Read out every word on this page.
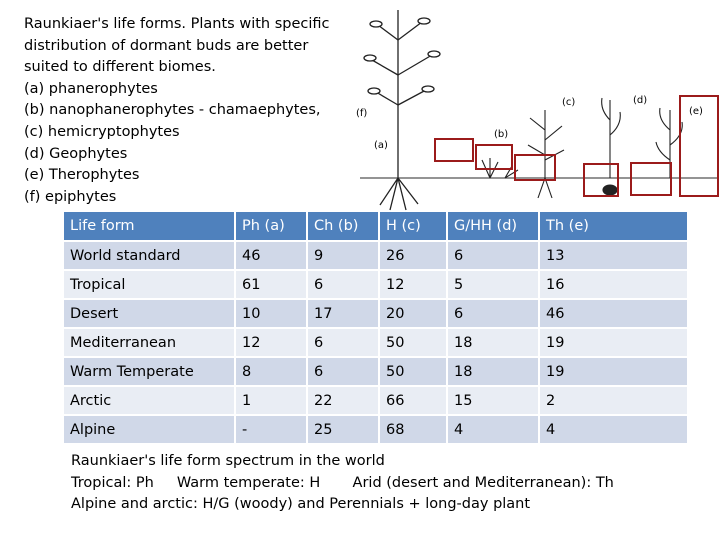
Raunkiaer's life forms. Plants with specific
distribution of dormant buds are better
suited to different biomes.
(a) phanerophytes
(b) nanophanerophytes - chamaephytes,
(c) hemicryptophytes
(d) Geophytes
(e) Therophytes
(f) epiphytes
(f)
(a)
(b)
(c)	(d)
(e)
Life form	Ph (a)	Ch (b)	H (c)	G/HH (d)	Th (e)
World standard	46	9	26	6	13
Tropical	61	6	12	5	16
Desert	10	17	20	6	46
Mediterranean	12	6	50	18	19
Warm Temperate	8	6	50	18	19
Arctic	1	22	66	15	2
Alpine	-	25	68	4	4
Raunkiaer's life form spectrum in the world
Tropical: Ph     Warm temperate: H       Arid (desert and Mediterranean): Th
Alpine and arctic: H/G (woody) and Perennials + long-day plant
